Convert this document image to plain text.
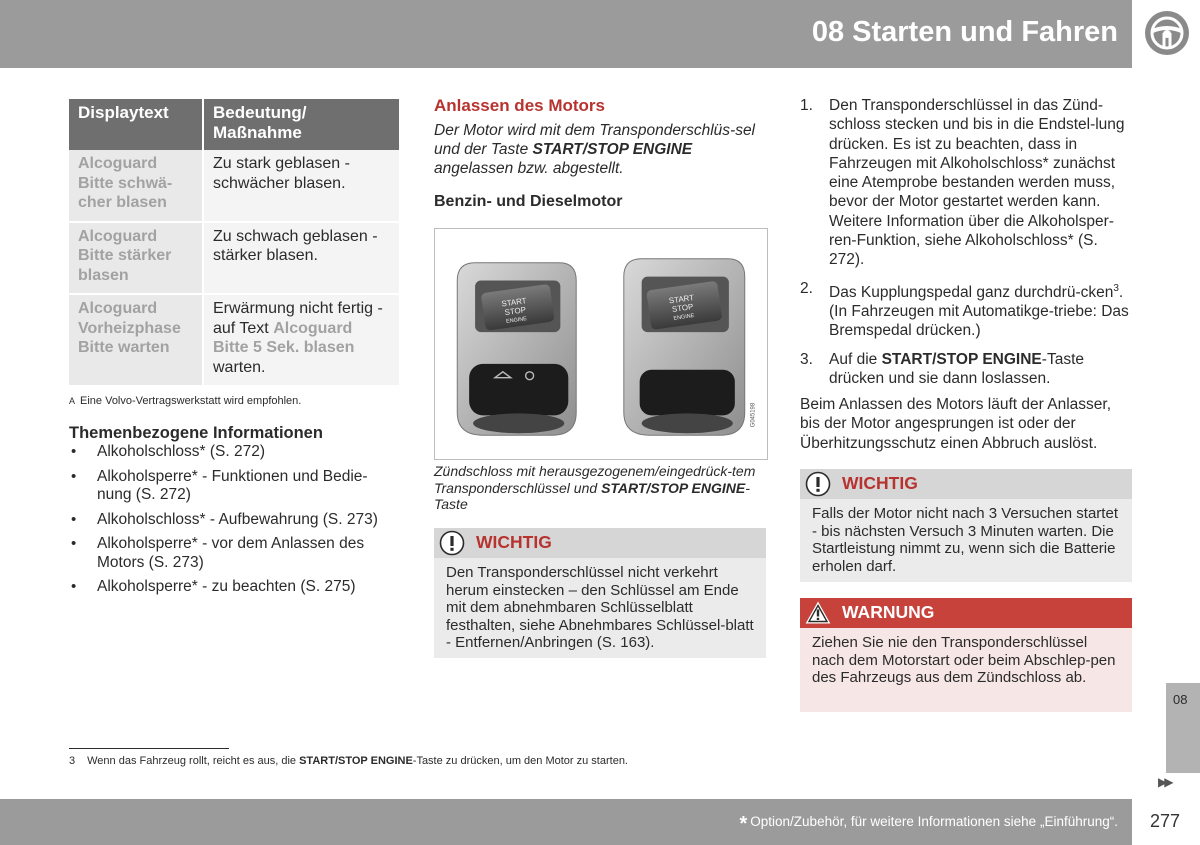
08 Starten und Fahren
Displaytext	Bedeutung/ Maßnahme
Alcoguard Bitte schwä-cher blasen	Zu stark geblasen - schwächer blasen.
Alcoguard Bitte stärker blasen	Zu schwach geblasen - stärker blasen.
Alcoguard Vorheizphase Bitte warten	Erwärmung nicht fertig - auf Text Alcoguard Bitte 5 Sek. blasen warten.
A Eine Volvo-Vertragswerkstatt wird empfohlen.
Themenbezogene Informationen
• Alkoholschloss* (S. 272)
• Alkoholsperre* - Funktionen und Bedie-nung (S. 272)
• Alkoholschloss* - Aufbewahrung (S. 273)
• Alkoholsperre* - vor dem Anlassen des Motors (S. 273)
• Alkoholsperre* - zu beachten (S. 275)
Anlassen des Motors
Der Motor wird mit dem Transponderschlüs-sel und der Taste START/STOP ENGINE angelassen bzw. abgestellt.
Benzin- und Dieselmotor
START
STOP
ENGINE
START
STOP
ENGINE
G045198
Zündschloss mit herausgezogenem/eingedrück-tem Transponderschlüssel und START/STOP ENGINE-Taste
WICHTIG
Den Transponderschlüssel nicht verkehrt herum einstecken – den Schlüssel am Ende mit dem abnehmbaren Schlüsselblatt festhalten, siehe Abnehmbares Schlüssel-blatt - Entfernen/Anbringen (S. 163).
1. Den Transponderschlüssel in das Zünd-schloss stecken und bis in die Endstel-lung drücken. Es ist zu beachten, dass in Fahrzeugen mit Alkoholschloss* zunächst eine Atemprobe bestanden werden muss, bevor der Motor gestartet werden kann. Weitere Information über die Alkoholsper-ren-Funktion, siehe Alkoholschloss* (S. 272).
2. Das Kupplungspedal ganz durchdrü-cken$^3$. (In Fahrzeugen mit Automatikge-triebe: Das Bremspedal drücken.)
3. Auf die START/STOP ENGINE-Taste drücken und sie dann loslassen.
Beim Anlassen des Motors läuft der Anlasser, bis der Motor angesprungen ist oder der Überhitzungsschutz einen Abbruch auslöst.
WICHTIG
Falls der Motor nicht nach 3 Versuchen startet - bis nächsten Versuch 3 Minuten warten. Die Startleistung nimmt zu, wenn sich die Batterie erholen darf.
WARNUNG
Ziehen Sie nie den Transponderschlüssel nach dem Motorstart oder beim Abschlep-pen des Fahrzeugs aus dem Zündschloss ab.
08
▶▶
3 Wenn das Fahrzeug rollt, reicht es aus, die START/STOP ENGINE-Taste zu drücken, um den Motor zu starten.
* Option/Zubehör, für weitere Informationen siehe „Einführung“. 277
